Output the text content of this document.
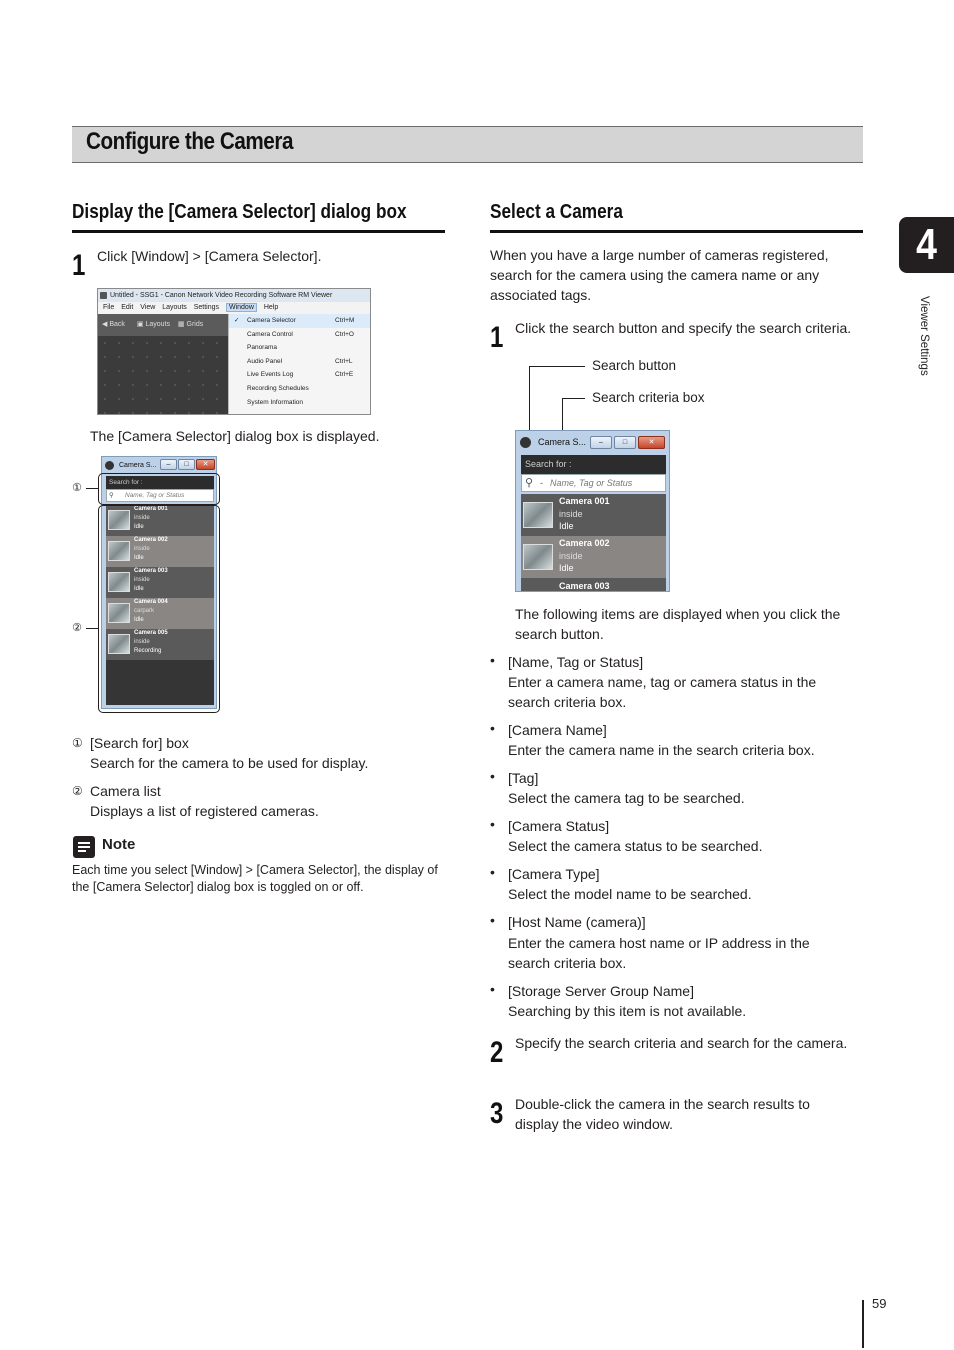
Configure the Camera
4
Viewer Settings
Display the [Camera Selector] dialog box
1 Click [Window] > [Camera Selector].
Untitled - SSG1 - Canon Network Video Recording Software RM Viewer
File Edit View Layouts Settings Window Help
◀ Back ▣ Layouts ▦ Grids
✓ Camera Selector	Ctrl+M
Camera Control	Ctrl+O
Panorama
Audio Panel	Ctrl+L
Live Events Log	Ctrl+E
Recording Schedules
System Information
The [Camera Selector] dialog box is displayed.
Camera S...	–	□	✕
Search for :
⚲ Name, Tag or Status
Camera 001
inside
Idle
Camera 002
inside
Idle
Camera 003
inside
Idle
Camera 004
carpark
Idle
Camera 005
inside
Recording
①
②
① [Search for] box
Search for the camera to be used for display.
② Camera list
Displays a list of registered cameras.
Note
Each time you select [Window] > [Camera Selector], the display of the [Camera Selector] dialog box is toggled on or off.
Select a Camera
When you have a large number of cameras registered, search for the camera using the camera name or any associated tags.
1 Click the search button and specify the search criteria.
Search button
Search criteria box
Camera S...	–	□	✕
Search for :
⚲ - Name, Tag or Status
Camera 001
inside
Idle
Camera 002
inside
Idle
Camera 003
The following items are displayed when you click the search button.
• [Name, Tag or Status]
Enter a camera name, tag or camera status in the search criteria box.
• [Camera Name]
Enter the camera name in the search criteria box.
• [Tag]
Select the camera tag to be searched.
• [Camera Status]
Select the camera status to be searched.
• [Camera Type]
Select the model name to be searched.
• [Host Name (camera)]
Enter the camera host name or IP address in the search criteria box.
• [Storage Server Group Name]
Searching by this item is not available.
2 Specify the search criteria and search for the camera.
3 Double-click the camera in the search results to display the video window.
59
